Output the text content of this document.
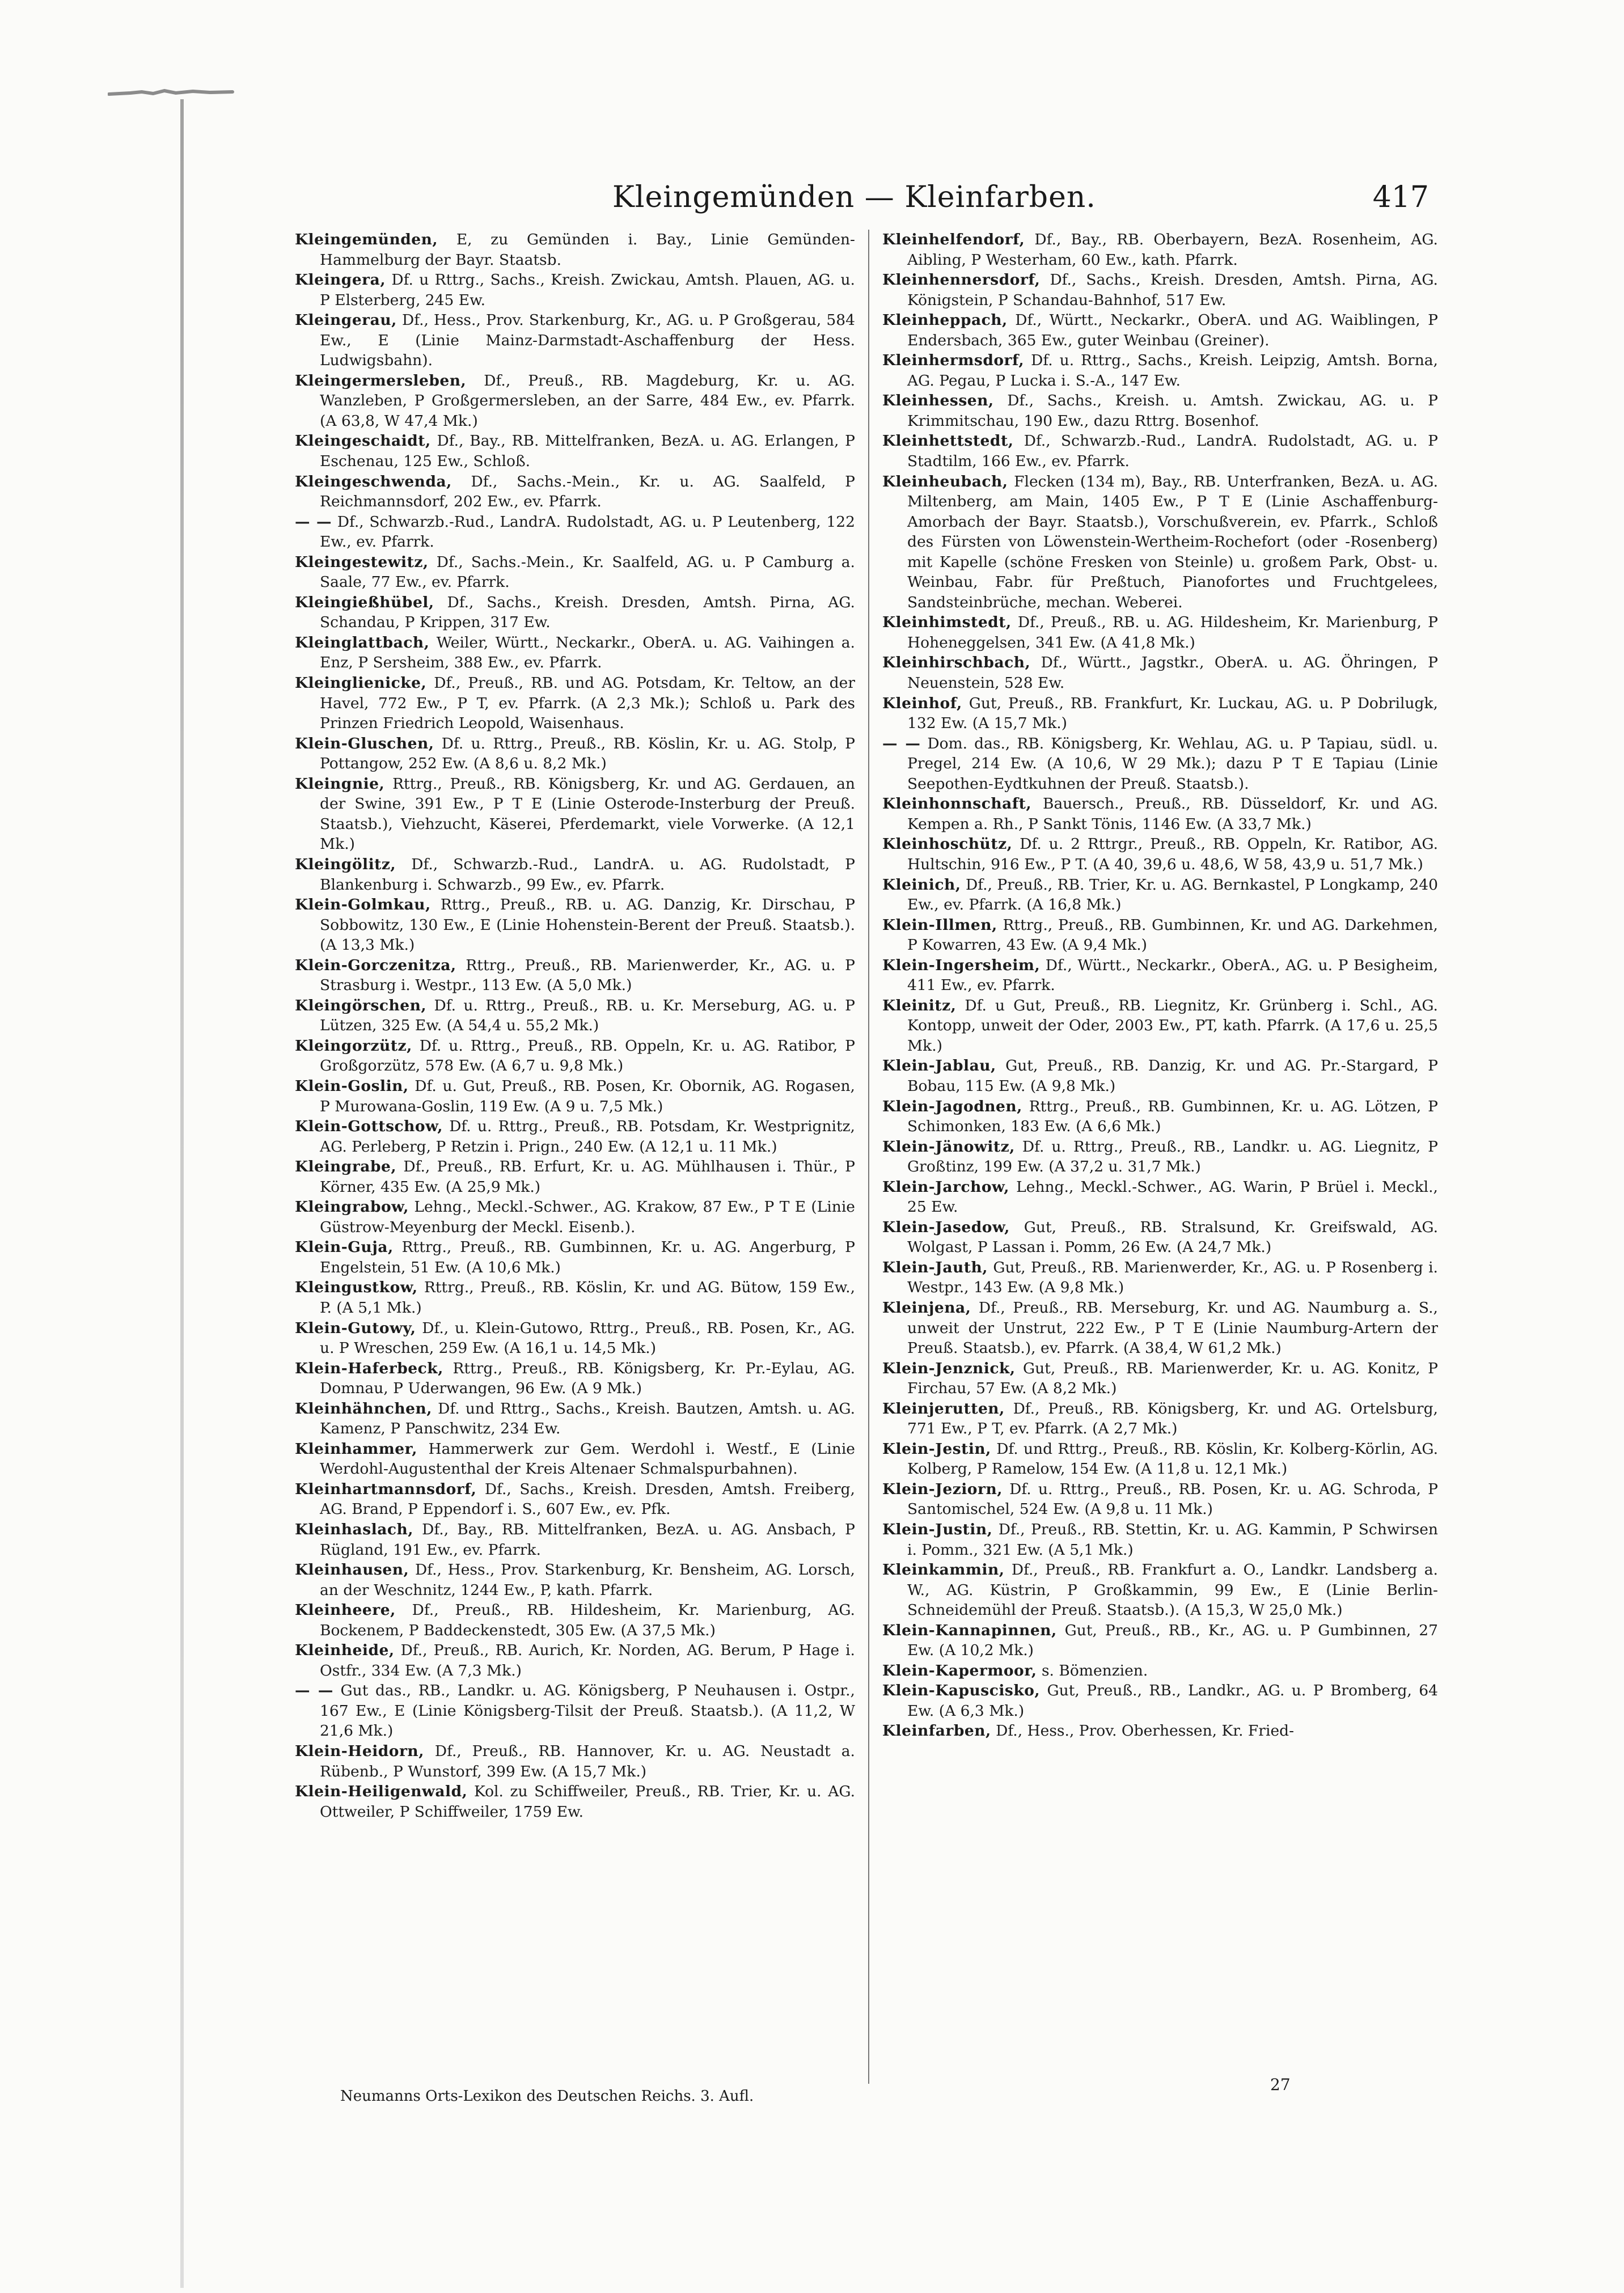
Kleingemünden — Kleinfarben.	417

Kleingemünden, E, zu Gemünden i. Bay., Linie Gemünden-Hammelburg der Bayr. Staatsb.

Kleingera, Df. u Rttrg., Sachs., Kreish. Zwickau, Amtsh. Plauen, AG. u. P Elsterberg, 245 Ew.

Kleingerau, Df., Hess., Prov. Starkenburg, Kr., AG. u. P Großgerau, 584 Ew., E (Linie Mainz-Darmstadt-Aschaffenburg der Hess. Ludwigsbahn).

Kleingermersleben, Df., Preuß., RB. Magdeburg, Kr. u. AG. Wanzleben, P Großgermersleben, an der Sarre, 484 Ew., ev. Pfarrk. (A 63,8, W 47,4 Mk.)

Kleingeschaidt, Df., Bay., RB. Mittelfranken, BezA. u. AG. Erlangen, P Eschenau, 125 Ew., Schloß.

Kleingeschwenda, Df., Sachs.-Mein., Kr. u. AG. Saalfeld, P Reichmannsdorf, 202 Ew., ev. Pfarrk.

— — Df., Schwarzb.-Rud., LandrA. Rudolstadt, AG. u. P Leutenberg, 122 Ew., ev. Pfarrk.

Kleingestewitz, Df., Sachs.-Mein., Kr. Saalfeld, AG. u. P Camburg a. Saale, 77 Ew., ev. Pfarrk.

Kleingießhübel, Df., Sachs., Kreish. Dresden, Amtsh. Pirna, AG. Schandau, P Krippen, 317 Ew.

Kleinglattbach, Weiler, Württ., Neckarkr., OberA. u. AG. Vaihingen a. Enz, P Sersheim, 388 Ew., ev. Pfarrk.

Kleinglienicke, Df., Preuß., RB. und AG. Potsdam, Kr. Teltow, an der Havel, 772 Ew., P T, ev. Pfarrk. (A 2,3 Mk.); Schloß u. Park des Prinzen Friedrich Leopold, Waisenhaus.

Klein-Gluschen, Df. u. Rttrg., Preuß., RB. Köslin, Kr. u. AG. Stolp, P Pottangow, 252 Ew. (A 8,6 u. 8,2 Mk.)

Kleingnie, Rttrg., Preuß., RB. Königsberg, Kr. und AG. Gerdauen, an der Swine, 391 Ew., P T E (Linie Osterode-Insterburg der Preuß. Staatsb.), Viehzucht, Käserei, Pferdemarkt, viele Vorwerke. (A 12,1 Mk.)

Kleingölitz, Df., Schwarzb.-Rud., LandrA. u. AG. Rudolstadt, P Blankenburg i. Schwarzb., 99 Ew., ev. Pfarrk.

Klein-Golmkau, Rttrg., Preuß., RB. u. AG. Danzig, Kr. Dirschau, P Sobbowitz, 130 Ew., E (Linie Hohenstein-Berent der Preuß. Staatsb.). (A 13,3 Mk.)

Klein-Gorczenitza, Rttrg., Preuß., RB. Marienwerder, Kr., AG. u. P Strasburg i. Westpr., 113 Ew. (A 5,0 Mk.)

Kleingörschen, Df. u. Rttrg., Preuß., RB. u. Kr. Merseburg, AG. u. P Lützen, 325 Ew. (A 54,4 u. 55,2 Mk.)

Kleingorzütz, Df. u. Rttrg., Preuß., RB. Oppeln, Kr. u. AG. Ratibor, P Großgorzütz, 578 Ew. (A 6,7 u. 9,8 Mk.)

Klein-Goslin, Df. u. Gut, Preuß., RB. Posen, Kr. Obornik, AG. Rogasen, P Murowana-Goslin, 119 Ew. (A 9 u. 7,5 Mk.)

Klein-Gottschow, Df. u. Rttrg., Preuß., RB. Potsdam, Kr. Westprignitz, AG. Perleberg, P Retzin i. Prign., 240 Ew. (A 12,1 u. 11 Mk.)

Kleingrabe, Df., Preuß., RB. Erfurt, Kr. u. AG. Mühlhausen i. Thür., P Körner, 435 Ew. (A 25,9 Mk.)

Kleingrabow, Lehng., Meckl.-Schwer., AG. Krakow, 87 Ew., P T E (Linie Güstrow-Meyenburg der Meckl. Eisenb.).

Klein-Guja, Rttrg., Preuß., RB. Gumbinnen, Kr. u. AG. Angerburg, P Engelstein, 51 Ew. (A 10,6 Mk.)

Kleingustkow, Rttrg., Preuß., RB. Köslin, Kr. und AG. Bütow, 159 Ew., P. (A 5,1 Mk.)

Klein-Gutowy, Df., u. Klein-Gutowo, Rttrg., Preuß., RB. Posen, Kr., AG. u. P Wreschen, 259 Ew. (A 16,1 u. 14,5 Mk.)

Klein-Haferbeck, Rttrg., Preuß., RB. Königsberg, Kr. Pr.-Eylau, AG. Domnau, P Uderwangen, 96 Ew. (A 9 Mk.)

Kleinhähnchen, Df. und Rttrg., Sachs., Kreish. Bautzen, Amtsh. u. AG. Kamenz, P Panschwitz, 234 Ew.

Kleinhammer, Hammerwerk zur Gem. Werdohl i. Westf., E (Linie Werdohl-Augustenthal der Kreis Altenaer Schmalspurbahnen).

Kleinhartmannsdorf, Df., Sachs., Kreish. Dresden, Amtsh. Freiberg, AG. Brand, P Eppendorf i. S., 607 Ew., ev. Pfk.

Kleinhaslach, Df., Bay., RB. Mittelfranken, BezA. u. AG. Ansbach, P Rügland, 191 Ew., ev. Pfarrk.

Kleinhausen, Df., Hess., Prov. Starkenburg, Kr. Bensheim, AG. Lorsch, an der Weschnitz, 1244 Ew., P, kath. Pfarrk.

Kleinheere, Df., Preuß., RB. Hildesheim, Kr. Marienburg, AG. Bockenem, P Baddeckenstedt, 305 Ew. (A 37,5 Mk.)

Kleinheide, Df., Preuß., RB. Aurich, Kr. Norden, AG. Berum, P Hage i. Ostfr., 334 Ew. (A 7,3 Mk.)

— — Gut das., RB., Landkr. u. AG. Königsberg, P Neuhausen i. Ostpr., 167 Ew., E (Linie Königsberg-Tilsit der Preuß. Staatsb.). (A 11,2, W 21,6 Mk.)

Klein-Heidorn, Df., Preuß., RB. Hannover, Kr. u. AG. Neustadt a. Rübenb., P Wunstorf, 399 Ew. (A 15,7 Mk.)

Klein-Heiligenwald, Kol. zu Schiffweiler, Preuß., RB. Trier, Kr. u. AG. Ottweiler, P Schiffweiler, 1759 Ew.

Kleinhelfendorf, Df., Bay., RB. Oberbayern, BezA. Rosenheim, AG. Aibling, P Westerham, 60 Ew., kath. Pfarrk.

Kleinhennersdorf, Df., Sachs., Kreish. Dresden, Amtsh. Pirna, AG. Königstein, P Schandau-Bahnhof, 517 Ew.

Kleinheppach, Df., Württ., Neckarkr., OberA. und AG. Waiblingen, P Endersbach, 365 Ew., guter Weinbau (Greiner).

Kleinhermsdorf, Df. u. Rttrg., Sachs., Kreish. Leipzig, Amtsh. Borna, AG. Pegau, P Lucka i. S.-A., 147 Ew.

Kleinhessen, Df., Sachs., Kreish. u. Amtsh. Zwickau, AG. u. P Krimmitschau, 190 Ew., dazu Rttrg. Bosenhof.

Kleinhettstedt, Df., Schwarzb.-Rud., LandrA. Rudolstadt, AG. u. P Stadtilm, 166 Ew., ev. Pfarrk.

Kleinheubach, Flecken (134 m), Bay., RB. Unterfranken, BezA. u. AG. Miltenberg, am Main, 1405 Ew., P T E (Linie Aschaffenburg-Amorbach der Bayr. Staatsb.), Vorschußverein, ev. Pfarrk., Schloß des Fürsten von Löwenstein-Wertheim-Rochefort (oder -Rosenberg) mit Kapelle (schöne Fresken von Steinle) u. großem Park, Obst- u. Weinbau, Fabr. für Preßtuch, Pianofortes und Fruchtgelees, Sandsteinbrüche, mechan. Weberei.

Kleinhimstedt, Df., Preuß., RB. u. AG. Hildesheim, Kr. Marienburg, P Hoheneggelsen, 341 Ew. (A 41,8 Mk.)

Kleinhirschbach, Df., Württ., Jagstkr., OberA. u. AG. Öhringen, P Neuenstein, 528 Ew.

Kleinhof, Gut, Preuß., RB. Frankfurt, Kr. Luckau, AG. u. P Dobrilugk, 132 Ew. (A 15,7 Mk.)

— — Dom. das., RB. Königsberg, Kr. Wehlau, AG. u. P Tapiau, südl. u. Pregel, 214 Ew. (A 10,6, W 29 Mk.); dazu P T E Tapiau (Linie Seepothen-Eydtkuhnen der Preuß. Staatsb.).

Kleinhonnschaft, Bauersch., Preuß., RB. Düsseldorf, Kr. und AG. Kempen a. Rh., P Sankt Tönis, 1146 Ew. (A 33,7 Mk.)

Kleinhoschütz, Df. u. 2 Rttrgr., Preuß., RB. Oppeln, Kr. Ratibor, AG. Hultschin, 916 Ew., P T. (A 40, 39,6 u. 48,6, W 58, 43,9 u. 51,7 Mk.)

Kleinich, Df., Preuß., RB. Trier, Kr. u. AG. Bernkastel, P Longkamp, 240 Ew., ev. Pfarrk. (A 16,8 Mk.)

Klein-Illmen, Rttrg., Preuß., RB. Gumbinnen, Kr. und AG. Darkehmen, P Kowarren, 43 Ew. (A 9,4 Mk.)

Klein-Ingersheim, Df., Württ., Neckarkr., OberA., AG. u. P Besigheim, 411 Ew., ev. Pfarrk.

Kleinitz, Df. u Gut, Preuß., RB. Liegnitz, Kr. Grünberg i. Schl., AG. Kontopp, unweit der Oder, 2003 Ew., PT, kath. Pfarrk. (A 17,6 u. 25,5 Mk.)

Klein-Jablau, Gut, Preuß., RB. Danzig, Kr. und AG. Pr.-Stargard, P Bobau, 115 Ew. (A 9,8 Mk.)

Klein-Jagodnen, Rttrg., Preuß., RB. Gumbinnen, Kr. u. AG. Lötzen, P Schimonken, 183 Ew. (A 6,6 Mk.)

Klein-Jänowitz, Df. u. Rttrg., Preuß., RB., Landkr. u. AG. Liegnitz, P Großtinz, 199 Ew. (A 37,2 u. 31,7 Mk.)

Klein-Jarchow, Lehng., Meckl.-Schwer., AG. Warin, P Brüel i. Meckl., 25 Ew.

Klein-Jasedow, Gut, Preuß., RB. Stralsund, Kr. Greifswald, AG. Wolgast, P Lassan i. Pomm, 26 Ew. (A 24,7 Mk.)

Klein-Jauth, Gut, Preuß., RB. Marienwerder, Kr., AG. u. P Rosenberg i. Westpr., 143 Ew. (A 9,8 Mk.)

Kleinjena, Df., Preuß., RB. Merseburg, Kr. und AG. Naumburg a. S., unweit der Unstrut, 222 Ew., P T E (Linie Naumburg-Artern der Preuß. Staatsb.), ev. Pfarrk. (A 38,4, W 61,2 Mk.)

Klein-Jenznick, Gut, Preuß., RB. Marienwerder, Kr. u. AG. Konitz, P Firchau, 57 Ew. (A 8,2 Mk.)

Kleinjerutten, Df., Preuß., RB. Königsberg, Kr. und AG. Ortelsburg, 771 Ew., P T, ev. Pfarrk. (A 2,7 Mk.)

Klein-Jestin, Df. und Rttrg., Preuß., RB. Köslin, Kr. Kolberg-Körlin, AG. Kolberg, P Ramelow, 154 Ew. (A 11,8 u. 12,1 Mk.)

Klein-Jeziorn, Df. u. Rttrg., Preuß., RB. Posen, Kr. u. AG. Schroda, P Santomischel, 524 Ew. (A 9,8 u. 11 Mk.)

Klein-Justin, Df., Preuß., RB. Stettin, Kr. u. AG. Kammin, P Schwirsen i. Pomm., 321 Ew. (A 5,1 Mk.)

Kleinkammin, Df., Preuß., RB. Frankfurt a. O., Landkr. Landsberg a. W., AG. Küstrin, P Großkammin, 99 Ew., E (Linie Berlin-Schneidemühl der Preuß. Staatsb.). (A 15,3, W 25,0 Mk.)

Klein-Kannapinnen, Gut, Preuß., RB., Kr., AG. u. P Gumbinnen, 27 Ew. (A 10,2 Mk.)

Klein-Kapermoor, s. Bömenzien.

Klein-Kapuscisko, Gut, Preuß., RB., Landkr., AG. u. P Bromberg, 64 Ew. (A 6,3 Mk.)

Kleinfarben, Df., Hess., Prov. Oberhessen, Kr. Fried-

Neumanns Orts-Lexikon des Deutschen Reichs. 3. Aufl.
27
